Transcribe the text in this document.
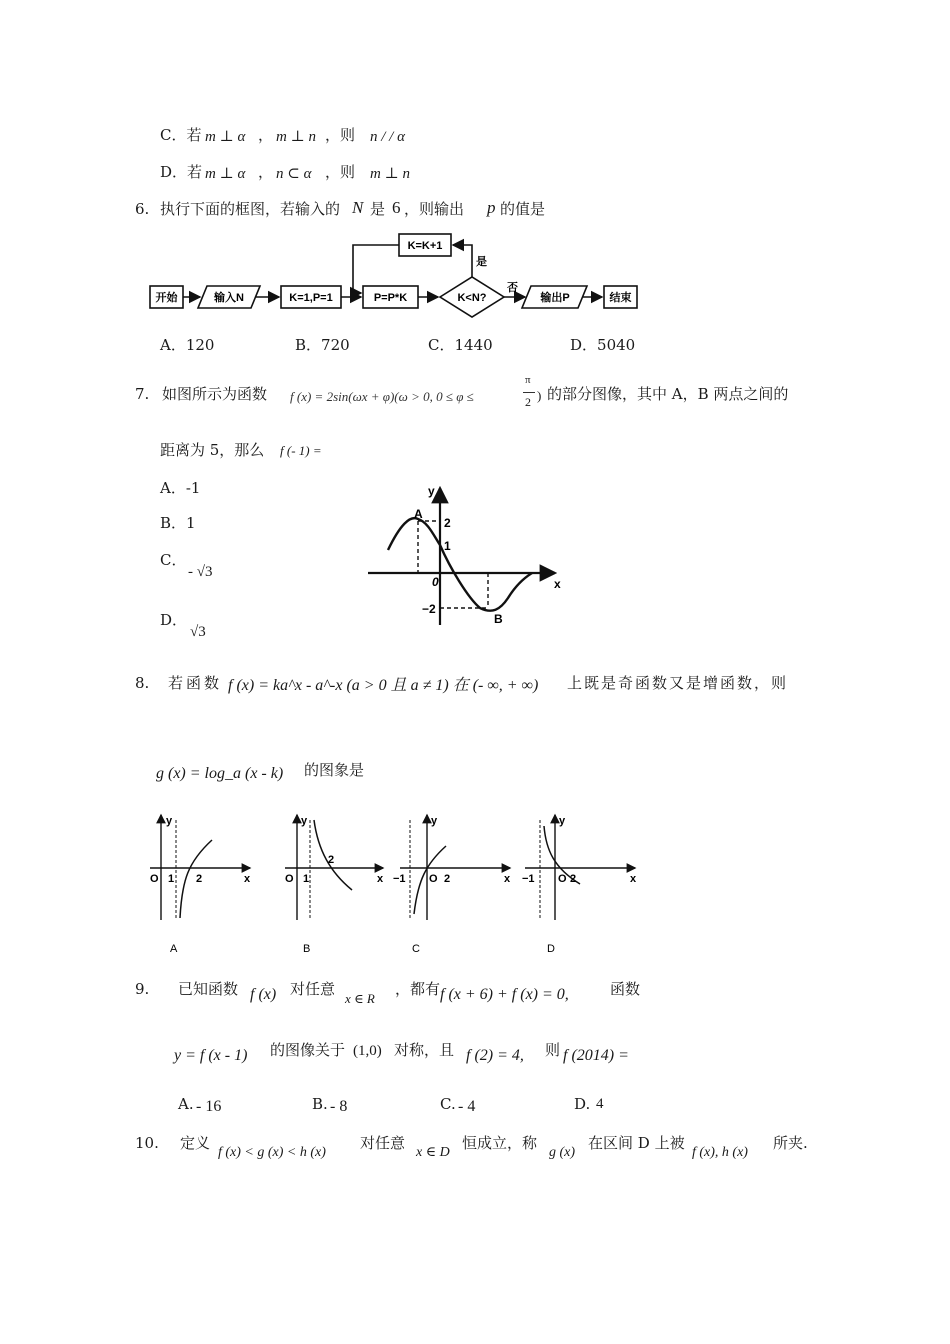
C．若 m ⊥ α ， m ⊥ n ，则 n / / α
D．若 m ⊥ α ， n ⊂ α ，则 m ⊥ n
6. 执行下面的框图，若输入的 N 是 6 ，则输出 p 的值是
开始	输入N	K=1,P=1	P=P*K	K<N?
K=K+1
是
否
输出P	结束
A．120	B．720	C．1440	D．5040
7. 如图所示为函数 f (x) = 2sin(ωx + φ)(ω > 0, 0 ≤ φ ≤
π
2 ) 的部分图像，其中 A，B 两点之间的
距离为 5，那么 f (- 1) =
A．-1
B．1
C．
- √3
D．
√3
y
x
0
A
B
2
1
−2
8. 若函数 f (x) = ka^x - a^-x (a > 0 且 a ≠ 1) 在 (- ∞, + ∞) 上既是奇函数又是增函数，则
g (x) = log_a (x - k) 的图象是
y
x
O 1 2
A
y
x
O 1
2
B
y
x
−1 O 2
C
y
x
−1 O 2
D
9. 已知函数 f (x) 对任意
x ∈ R
，都有 f (x + 6) + f (x) = 0,	函数
y = f (x - 1) 的图像关于 (1,0) 对称，且 f (2) = 4, 则 f (2014) =
A. - 16	B. - 8	C. - 4	D. 4
10. 定义
f (x) < g (x) < h (x)
对任意
x ∈ D
恒成立，称
g (x)
在区间 D 上被
f (x), h (x)
所夹.
